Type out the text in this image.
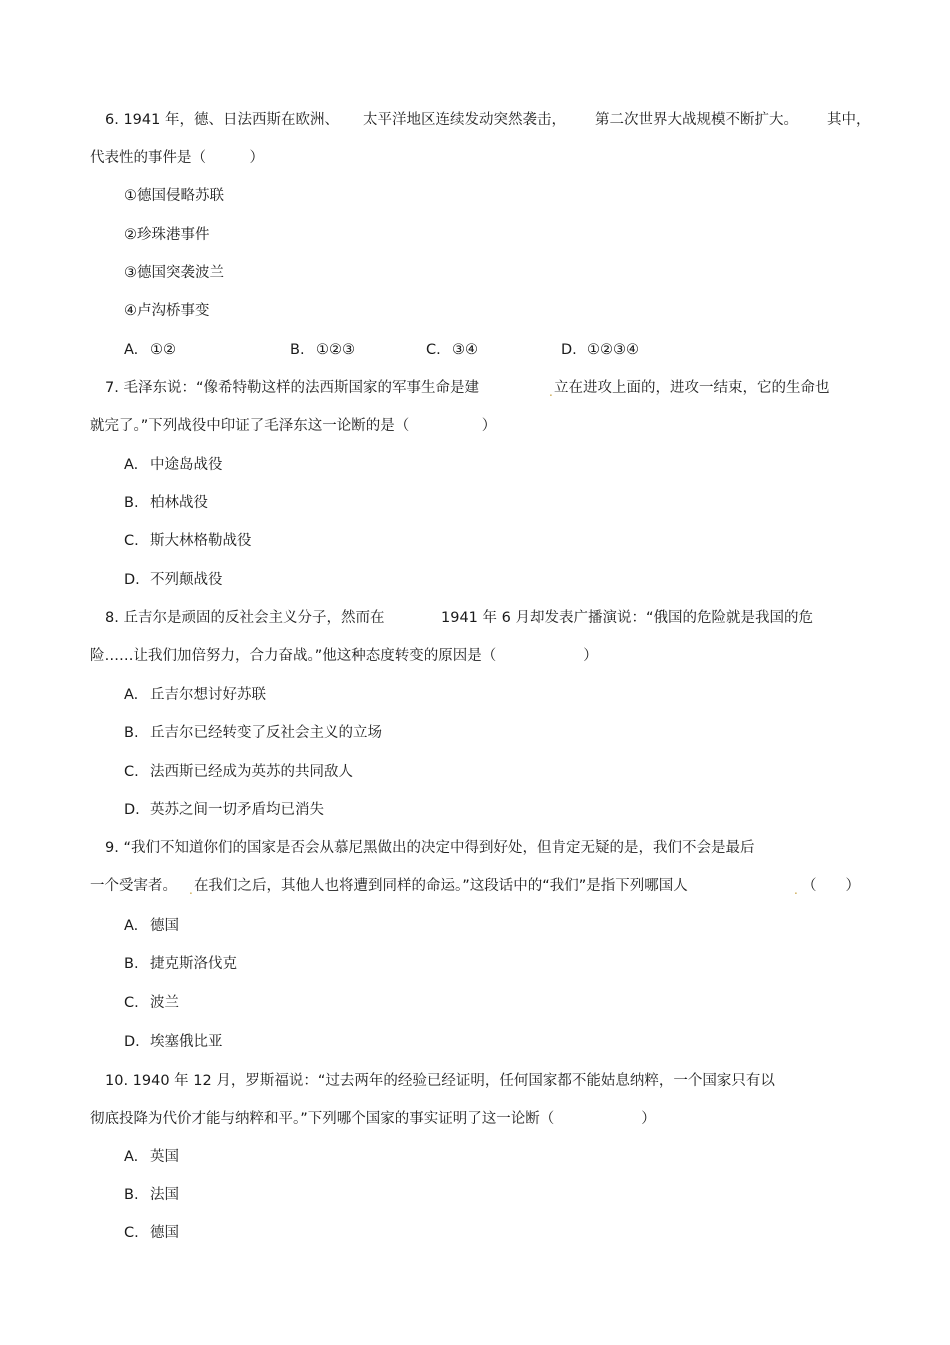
6. 1941 年，德、日法西斯在欧洲、 太平洋地区连续发动突然袭击， 第二次世界大战规模不断扩大。 其中，
代表性的事件是（　　　）
①德国侵略苏联
②珍珠港事件
③德国突袭波兰
④卢沟桥事变
A. ①②	B. ①②③	C. ③④	D. ①②③④
7. 毛泽东说：“像希特勒这样的法西斯国家的军事生命是建	. 立在进攻上面的，进攻一结束，它的生命也
就完了。”下列战役中印证了毛泽东这一论断的是（　　　　　）
A. 中途岛战役
B. 柏林战役
C. 斯大林格勒战役
D. 不列颠战役
8. 丘吉尔是顽固的反社会主义分子，然而在	1941 年 6 月却发表广播演说：“俄国的危险就是我国的危
险……让我们加倍努力，合力奋战。”他这种态度转变的原因是（　　　　　　）
A. 丘吉尔想讨好苏联
B. 丘吉尔已经转变了反社会主义的立场
C. 法西斯已经成为英苏的共同敌人
D. 英苏之间一切矛盾均已消失
9. “我们不知道你们的国家是否会从慕尼黑做出的决定中得到好处，但肯定无疑的是，我们不会是最后
一个受害者。 . 在我们之后，其他人也将遭到同样的命运。”这段话中的“我们”是指下列哪国人	. （　　）
A. 德国
B. 捷克斯洛伐克
C. 波兰
D. 埃塞俄比亚
10. 1940 年 12 月，罗斯福说：“过去两年的经验已经证明，任何国家都不能姑息纳粹，一个国家只有以
彻底投降为代价才能与纳粹和平。”下列哪个国家的事实证明了这一论断（　　　　　　）
A. 英国
B. 法国
C. 德国
